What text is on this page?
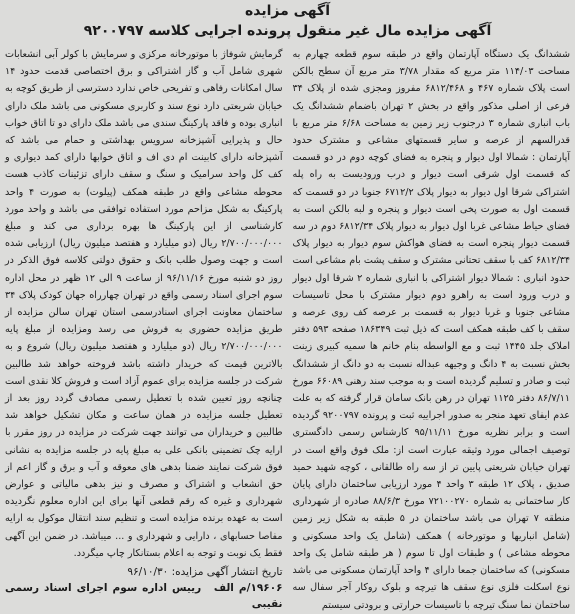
آگهی مزایده
آگهی مزایده مال غیر منقول پرونده اجرایی کلاسه ۹۲۰۰۷۹۷

ششدانگ یک دستگاه آپارتمان واقع در طبقه سوم قطعه چهارم به مساحت ۱۱۴/۰۳ متر مربع که مقدار ۳/۷۸ متر مربع آن سطح بالکن است پلاک شماره ۴۶۷ و ۶۸۱۲/۴۶۸ مفروز ومجزی شده از پلاک ۳۴ فرعی از اصلی مذکور واقع در بخش ۲ تهران باضمام ششدانگ یک باب انباری شماره ۳ درجنوب زیر زمین به مساحت ۶/۶۸ متر مربع با قدرالسهم از عرصه و سایر قسمتهای مشاعی و مشترک حدود آپارتمان : شمالا اول دیوار و پنجره به فضای کوچه دوم در دو قسمت که قسمت اول شرقی است دیوار و درب ورودیست به راه پله اشتراکی شرقا اول دیوار به دیوار پلاک ۶۷۱۲/۲ جنوبا در دو قسمت که قسمت اول به صورت پخی است دیوار و پنجره و لبه بالکن است به فضای حیاط مشاعی غربا اول دیوار به دیوار پلاک ۶۸۱۲/۳۴ دوم در سه قسمت دیوار پنجره است به فضای هواکش سوم دیوار به دیوار پلاک ۶۸۱۲/۳۴ کف با سقف تحتانی مشترک و سقف پشت بام مشاعی است حدود انباری : شمالا دیوار اشتراکی با انباری شماره ۲ شرقا اول دیوار و درب ورود است به راهرو دوم دیوار مشترک با محل تاسیسات مشاعی جنوبا و غربا دیوار به قسمت بر عرصه کف روی عرصه و سقف با کف طبقه همکف است که ذیل ثبت ۱۸۶۳۴۹ صفحه ۵۹۳ دفتر املاک جلد ۱۴۴۵ ثبت و مع الواسطه بنام خانم ها سمیه کبیری زینت بخش نسبت به ۴ دانگ و وجیهه عبداله نسبت به دو دانگ از ششدانگ ثبت و صادر و تسلیم گردیده است و به موجب سند رهنی ۶۶۰۸۹ مورخ ۸۶/۷/۱۱ دفتر ۱۱۲۵ تهران در رهن بانک سامان قرار گرفته که به علت عدم ایفای تعهد منجر به صدور اجراییه ثبت و پرونده ۹۲۰۰۷۹۷ گردیده است و برابر نظریه مورخ ۹۵/۱۱/۱۱ کارشناس رسمی دادگستری توصیف اجمالی مورد وثیقه عبارت است از: ملک فوق واقع است در تهران خیابان شریعتی پایین تر از سه راه طالقانی ، کوچه شهید حمید صدیق ، پلاک ۱۲ طبقه ۳ واحد ۴ مورد ارزیابی ساختمان دارای پایان کار ساختمانی به شماره ۷۲۱۰۰۲۷۰ مورخ ۸۸/۶/۳ صادره از شهرداری منطقه ۷ تهران می باشد ساختمان در ۵ طبقه به شکل زیر زمین (شامل انباریها و موتورخانه ) همکف (شامل یک واحد مسکونی و محوطه مشاعی ) و طبقات اول تا سوم ( هر طبقه شامل یک واحد مسکونی) که ساختمان جمعا دارای ۴ واحد آپارتمان مسکونی می باشد نوع اسکلت فلزی نوع سقف ها تیرچه و بلوک روکار آجر سفال سه ساختمان نما سنگ تیرچه با تاسیسات حرارتی و برودتی سیستم

گرمایش شوفاژ با موتورخانه مرکزی و سرمایش با کولر آبی انشعابات شهری شامل آب و گاز اشتراکی و برق اختصاصی قدمت حدود ۱۴ سال امکانات رفاهی و تفریحی خاص ندارد دسترسی از طریق کوچه به خیابان شریعتی دارد نوع سند و کاربری مسکونی می باشد ملک دارای انباری بوده و فاقد پارکینگ سندی می باشد ملک دارای دو تا اتاق خواب حال و پذیرایی آشپزخانه سرویس بهداشتی و حمام می باشد که آشپزخانه دارای کابینت ام دی اف و اتاق خوابها دارای کمد دیواری و کف کل واحد سرامیک و سنگ و سقف دارای تزئینات کاذب هست محوطه مشاعی واقع در طبقه همکف (پیلوت) به صورت ۴ واحد پارکینگ به شکل مزاحم مورد استفاده توافقی می باشد و واحد مورد کارشناسی از این پارکینگ ها بهره برداری می کند و مبلغ ۲/۷۰۰/۰۰۰/۰۰۰ ریال (دو میلیارد و هفتصد میلیون ریال) ارزیابی شده است و جهت وصول طلب بانک و حقوق دولتی کلاسه فوق الذکر در روز دو شنبه مورخ ۹۶/۱۱/۱۶ از ساعت ۹ الی ۱۲ ظهر در محل اداره سوم اجرای اسناد رسمی واقع در تهران چهارراه جهان کودک پلاک ۳۴ ساختمان معاونت اجرای اسنادرسمی استان تهران سالن مزایده از طریق مزایده حضوری به فروش می رسد ومزایده از مبلغ پایه ۲/۷۰۰/۰۰۰/۰۰۰ ریال (دو میلیارد و هفتصد میلیون ریال) شروع و به بالاترین قیمت که خریدار داشته باشد فروخته خواهد شد طالبین شرکت در جلسه مزایده برای عموم آزاد است و فروش کلا نقدی است چنانچه روز تعیین شده با تعطیل رسمی مصادف گردد روز بعد از تعطیل جلسه مزایده در همان ساعت و مکان تشکیل خواهد شد طالبین و خریداران می توانند جهت شرکت در مزایده در روز مقرر با ارایه چک تضمینی بانکی علی به مبلغ پایه در جلسه مزایده به نشانی فوق شرکت نمایند ضمنا بدهی های معوقه و آب و برق و گاز اعم از حق انشعاب و اشتراک و مصرف و نیز بدهی مالیاتی و عوارض شهرداری و غیره که رقم قطعی آنها برای این اداره معلوم نگردیده است به عهده برنده مزایده است و تنظیم سند انتقال موکول به ارایه مفاصا حسابهای ، دارایی و شهرداری و ... میباشد. در ضمن این آگهی فقط یک نوبت و توجه به اعلام بستانکار چاپ میگردد.

تاریخ انتشار آگهی مزایده: ۹۶/۱۰/۳۰
۱۹۶۰۶/م الف رییس اداره سوم اجرای اسناد رسمی نقیبی
